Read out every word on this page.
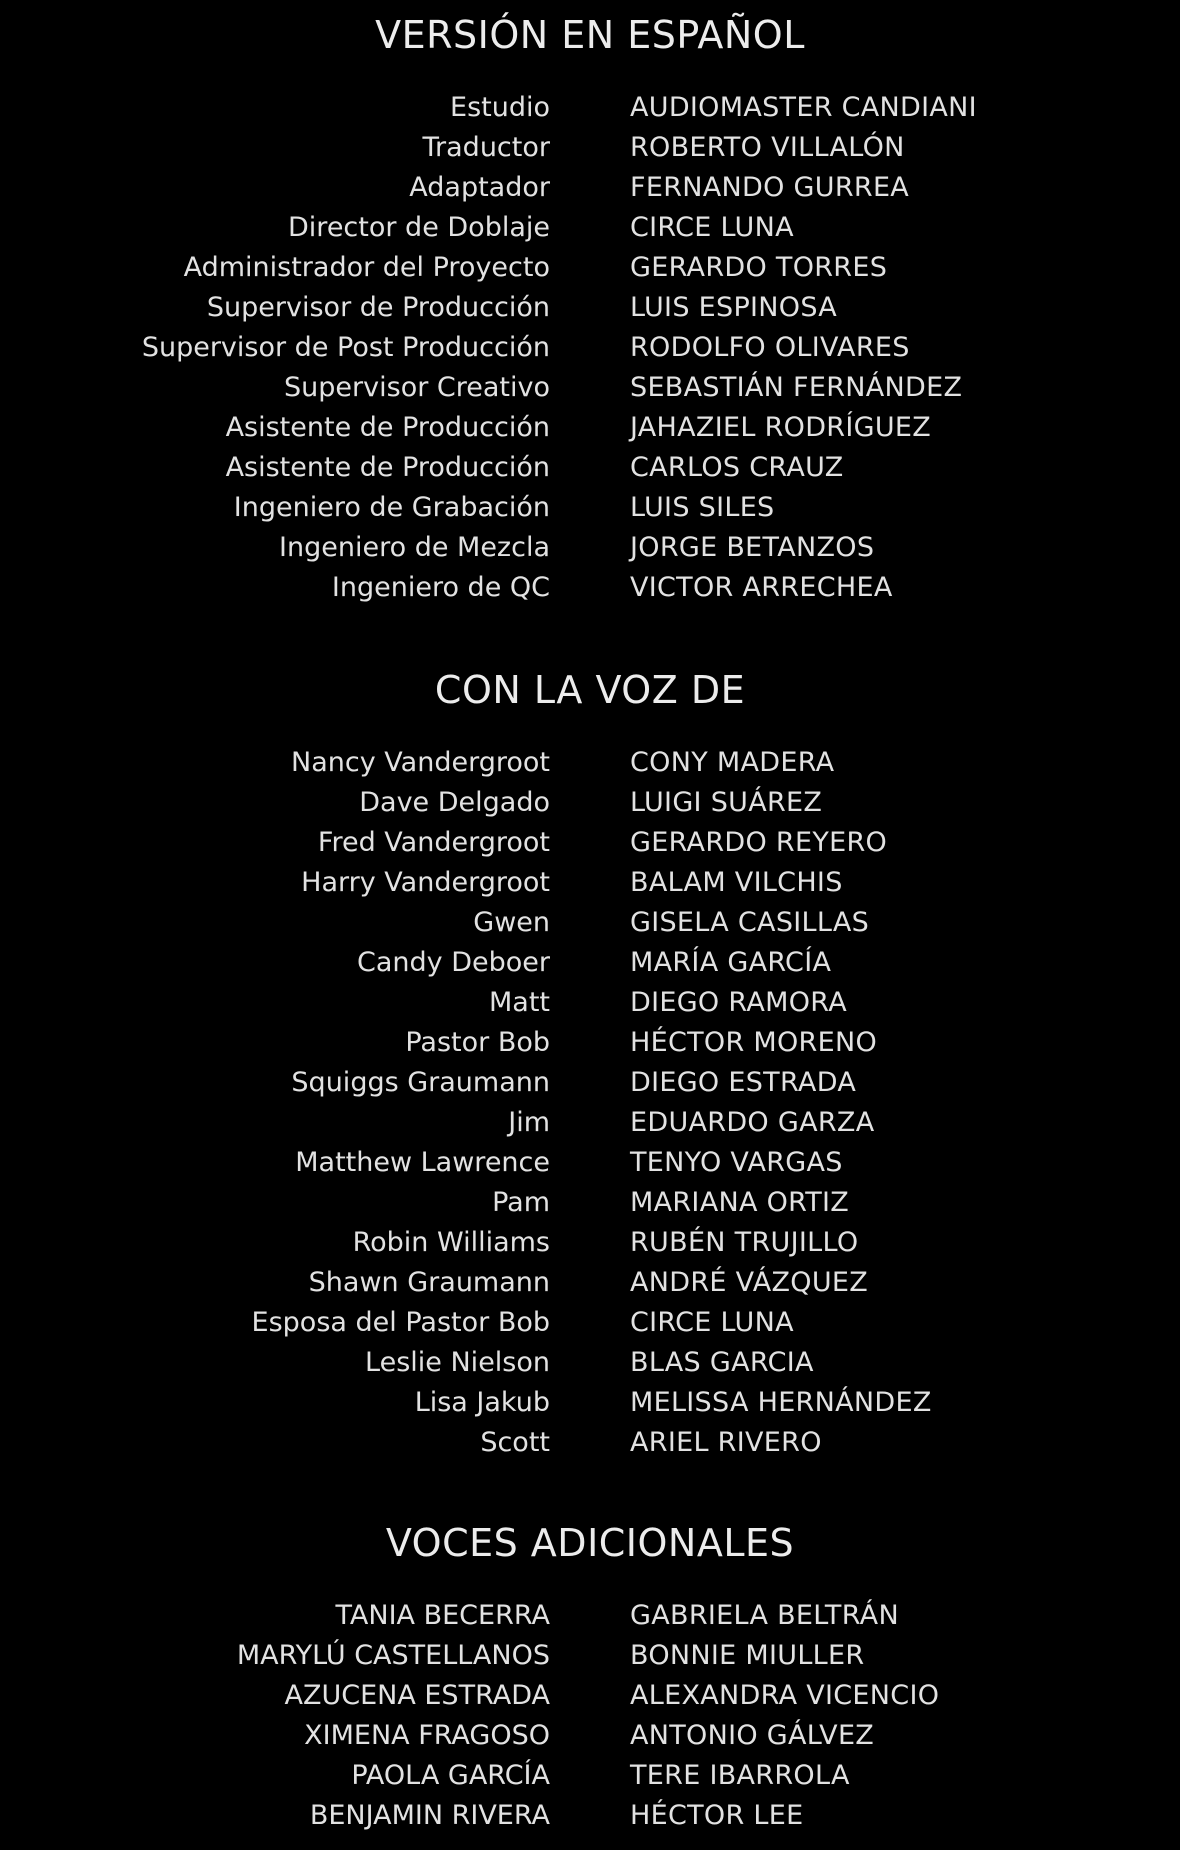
VERSIÓN EN ESPAÑOL
Estudio	AUDIOMASTER CANDIANI
Traductor	ROBERTO VILLALÓN
Adaptador	FERNANDO GURREA
Director de Doblaje	CIRCE LUNA
Administrador del Proyecto	GERARDO TORRES
Supervisor de Producción	LUIS ESPINOSA
Supervisor de Post Producción	RODOLFO OLIVARES
Supervisor Creativo	SEBASTIÁN FERNÁNDEZ
Asistente de Producción	JAHAZIEL RODRÍGUEZ
Asistente de Producción	CARLOS CRAUZ
Ingeniero de Grabación	LUIS SILES
Ingeniero de Mezcla	JORGE BETANZOS
Ingeniero de QC	VICTOR ARRECHEA
CON LA VOZ DE
Nancy Vandergroot	CONY MADERA
Dave Delgado	LUIGI SUÁREZ
Fred Vandergroot	GERARDO REYERO
Harry Vandergroot	BALAM VILCHIS
Gwen	GISELA CASILLAS
Candy Deboer	MARÍA GARCÍA
Matt	DIEGO RAMORA
Pastor Bob	HÉCTOR MORENO
Squiggs Graumann	DIEGO ESTRADA
Jim	EDUARDO GARZA
Matthew Lawrence	TENYO VARGAS
Pam	MARIANA ORTIZ
Robin Williams	RUBÉN TRUJILLO
Shawn Graumann	ANDRÉ VÁZQUEZ
Esposa del Pastor Bob	CIRCE LUNA
Leslie Nielson	BLAS GARCIA
Lisa Jakub	MELISSA HERNÁNDEZ
Scott	ARIEL RIVERO
VOCES ADICIONALES
TANIA BECERRA	GABRIELA BELTRÁN
MARYLÚ CASTELLANOS	BONNIE MIULLER
AZUCENA ESTRADA	ALEXANDRA VICENCIO
XIMENA FRAGOSO	ANTONIO GÁLVEZ
PAOLA GARCÍA	TERE IBARROLA
BENJAMIN RIVERA	HÉCTOR LEE
